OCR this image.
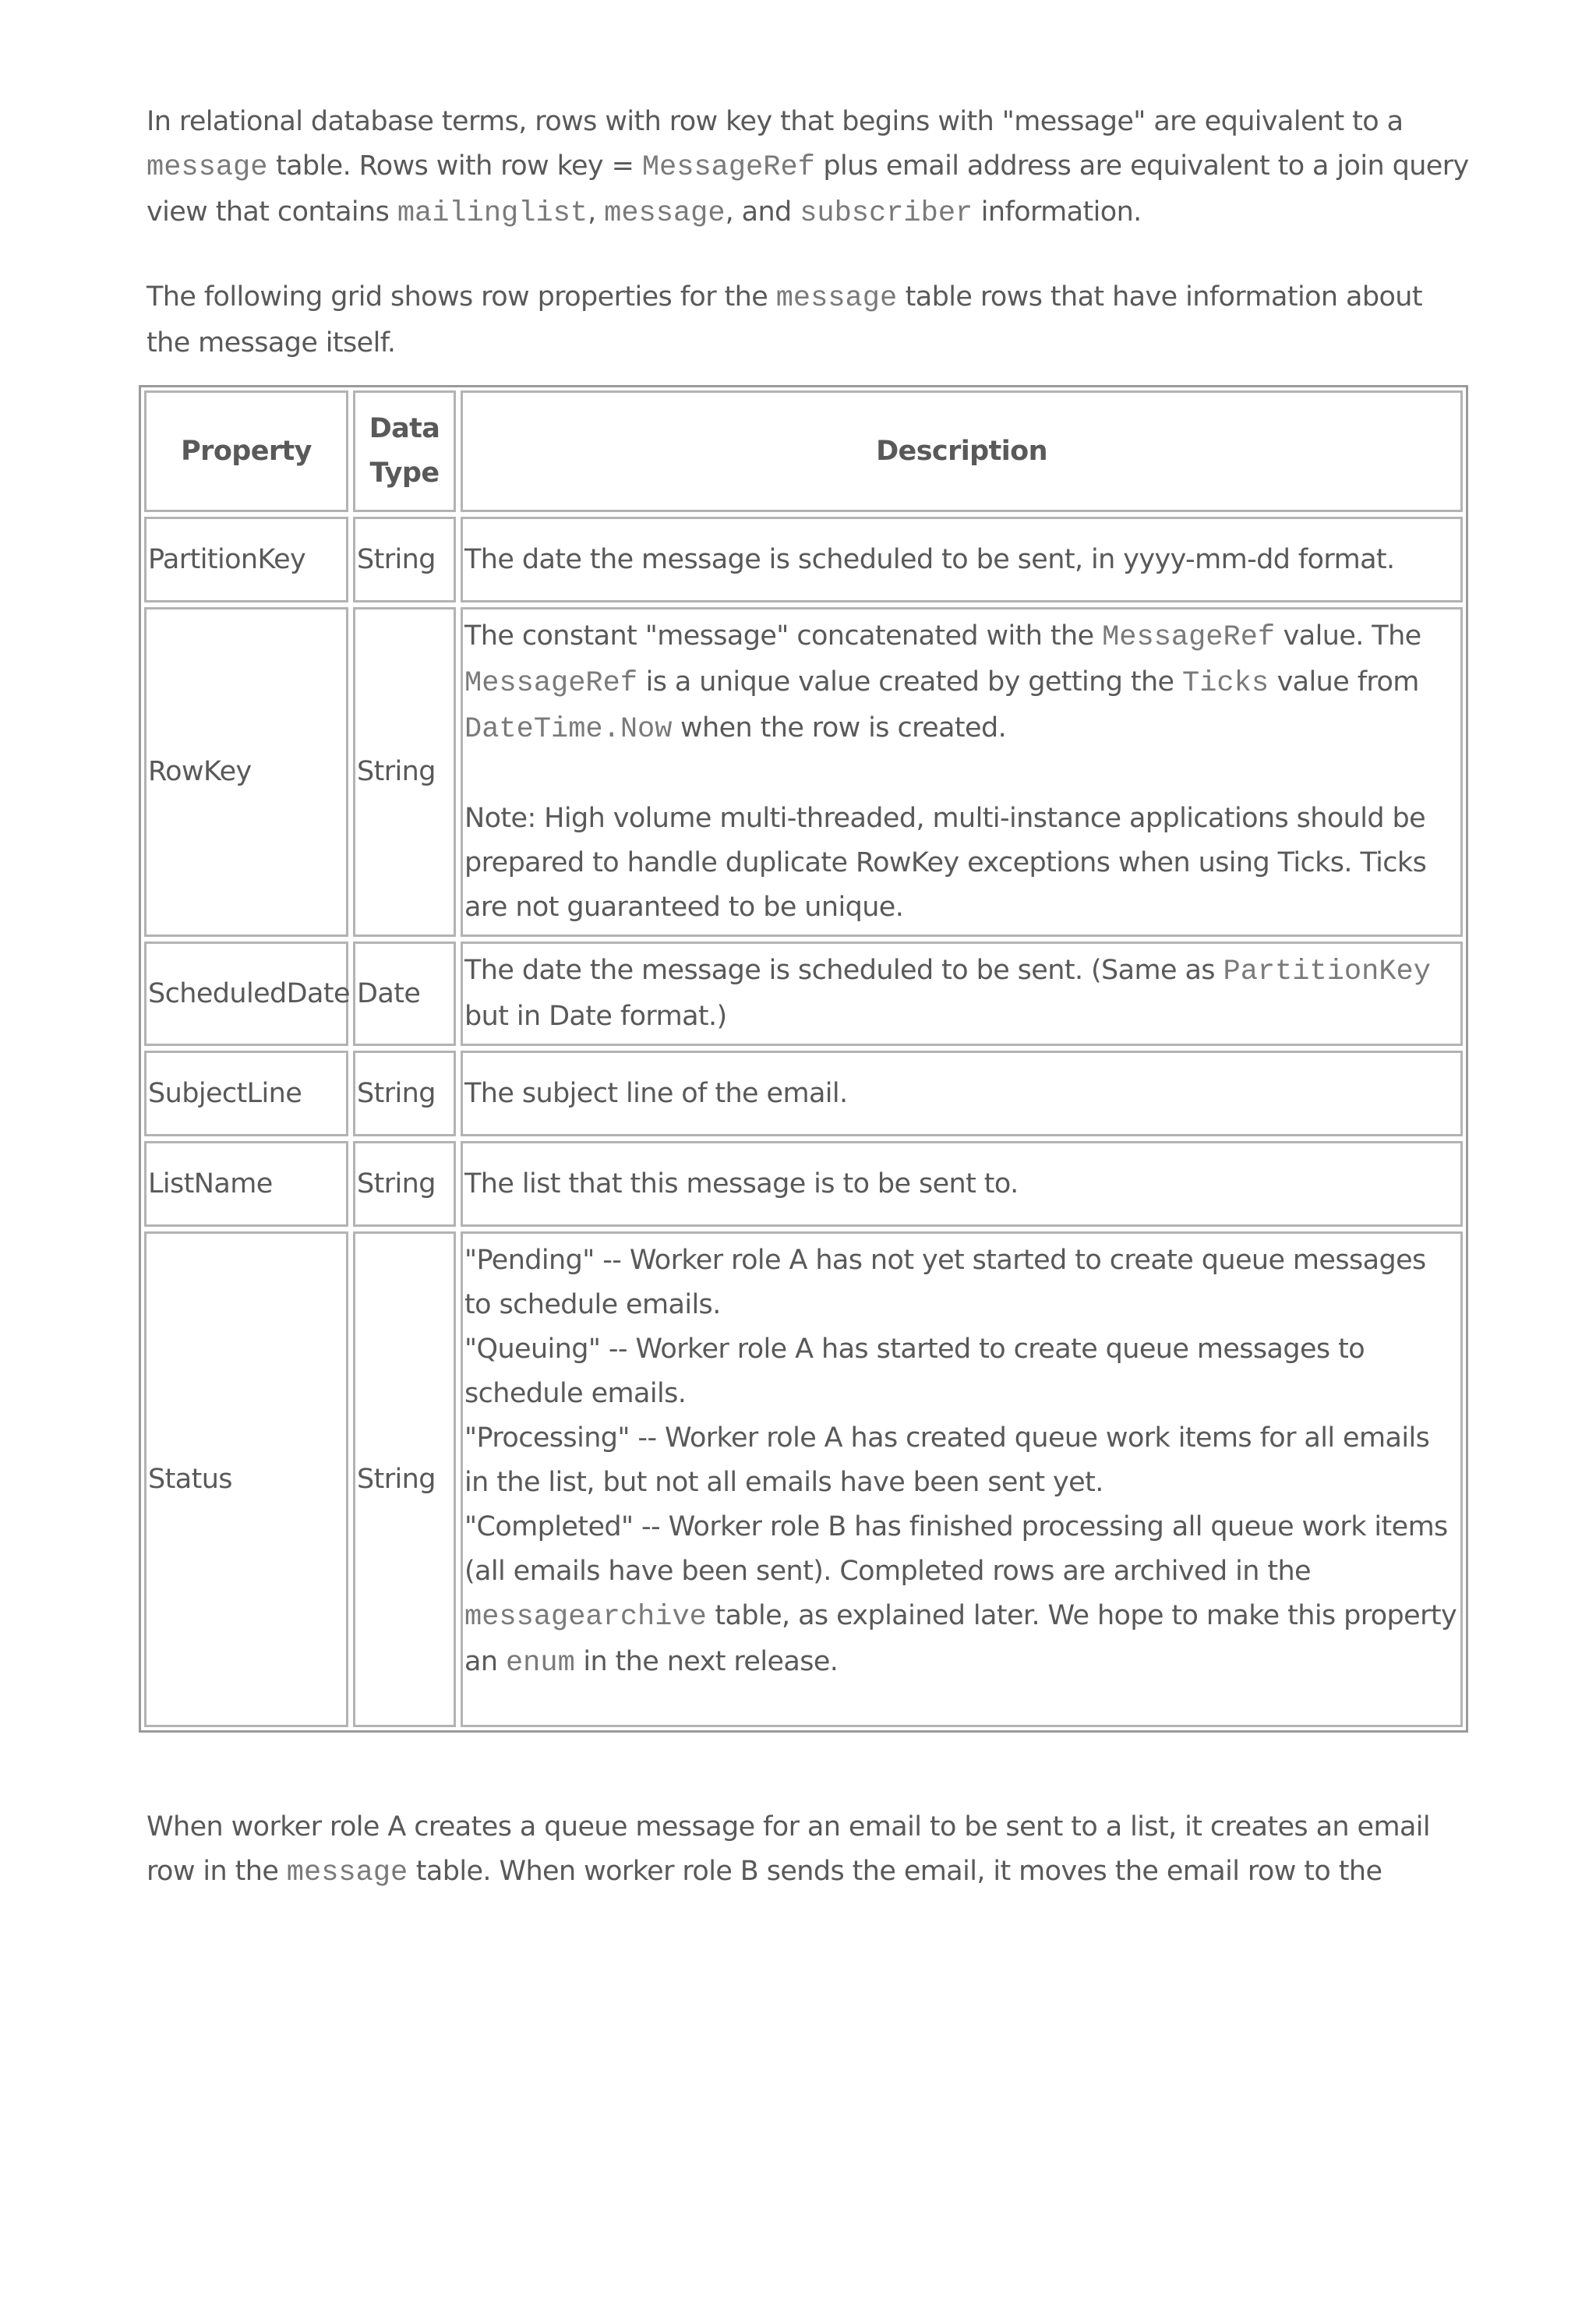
In relational database terms, rows with row key that begins with "message" are equivalent to a message table. Rows with row key = MessageRef plus email address are equivalent to a join query view that contains mailinglist, message, and subscriber information.

The following grid shows row properties for the message table rows that have information about the message itself.

Property	Data Type	Description
PartitionKey	String	The date the message is scheduled to be sent, in yyyy-mm-dd format.
RowKey	String	The constant "message" concatenated with the MessageRef value. The MessageRef is a unique value created by getting the Ticks value from DateTime.Now when the row is created.
Note: High volume multi-threaded, multi-instance applications should be prepared to handle duplicate RowKey exceptions when using Ticks. Ticks are not guaranteed to be unique.

ScheduledDate	Date	The date the message is scheduled to be sent. (Same as PartitionKey but in Date format.)
SubjectLine	String	The subject line of the email.
ListName	String	The list that this message is to be sent to.
Status	String	"Pending" -- Worker role A has not yet started to create queue messages to schedule emails.
"Queuing" -- Worker role A has started to create queue messages to schedule emails.
"Processing" -- Worker role A has created queue work items for all emails in the list, but not all emails have been sent yet.
"Completed" -- Worker role B has finished processing all queue work items (all emails have been sent). Completed rows are archived in the messagearchive table, as explained later. We hope to make this property an enum in the next release.

When worker role A creates a queue message for an email to be sent to a list, it creates an email row in the message table. When worker role B sends the email, it moves the email row to the
